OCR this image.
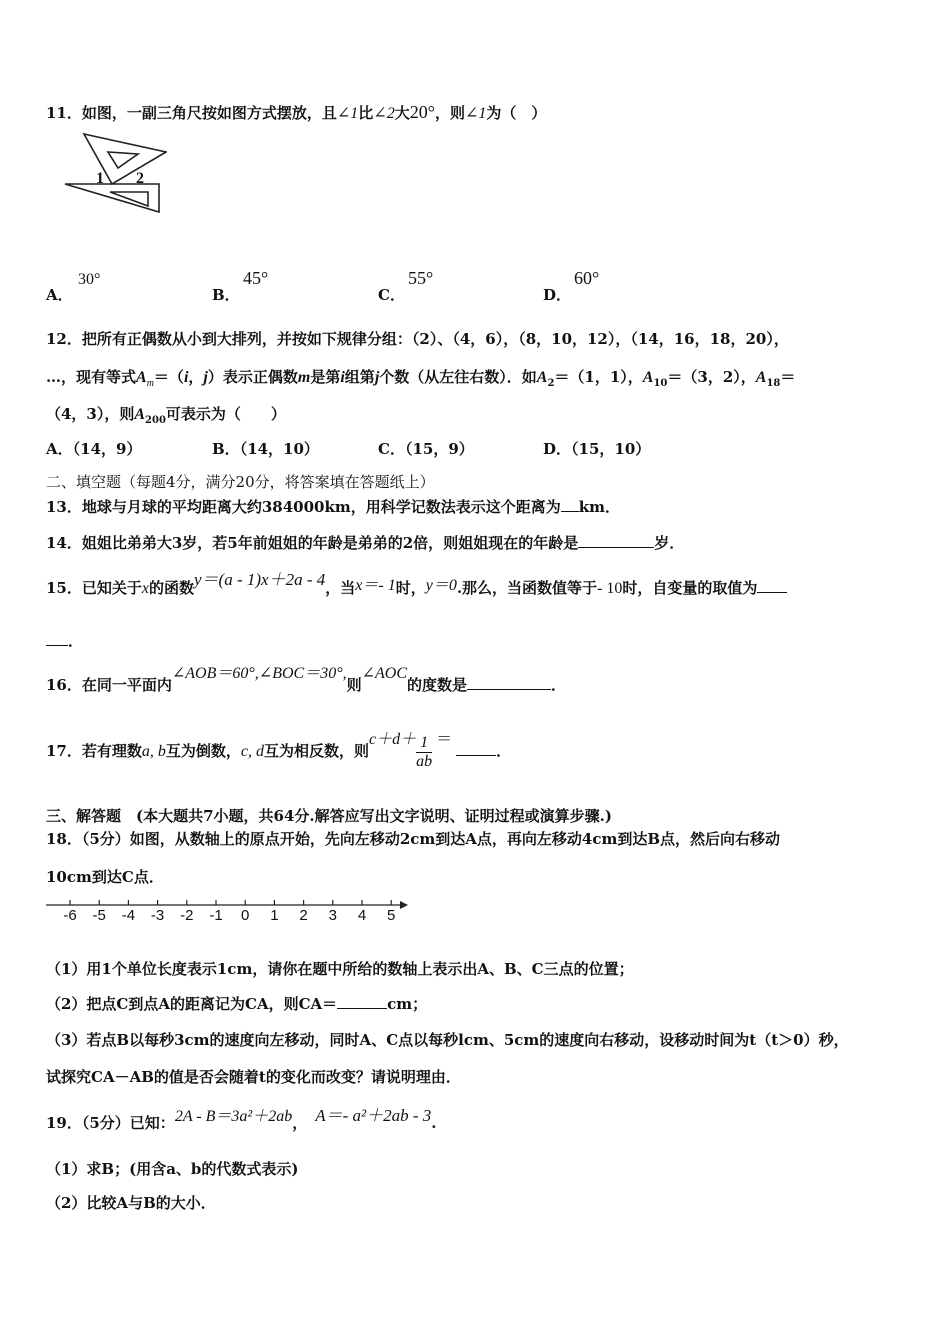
11．如图，一副三角尺按如图方式摆放，且∠1比∠2大20°，则∠1为（　）
1 2
A．
30°
B．
45°
C．
55°
D．
60°
12．把所有正偶数从小到大排列，并按如下规律分组：（2）、（4，6），（8，10，12），（14，16，18，20），
…，现有等式$A_m=(i$，j）表示正偶数m是第i组第j个数（从左往右数）．如$A_2=(1$，1），$A_{10}=(3$，2），$A_{18}=$
（4，3），则$A_{200}$可表示为（　　）
A．（14，9）	B．（14，10）	C．（15，9）	D．（15，10）
二、填空题（每题4分，满分20分，将答案填在答题纸上）
13．地球与月球的平均距离大约384000km，用科学记数法表示这个距离为 km．
14．姐姐比弟弟大3岁，若5年前姐姐的年龄是弟弟的2倍，则姐姐现在的年龄是	岁．
15．已知关于x的函数y＝(a - 1)x＋2a - 4，当x＝- 1时，y＝0.那么，当函数值等于- 10时，自变量的取值为
．
16．在同一平面内∠AOB＝60°,∠BOC＝30°,则∠AOC的度数是	．
17．若有理数a, b互为倒数，c, d互为相反数，则$c+d+ \frac{1}{ab}$ ＝．
三、解答题　(本大题共7小题，共64分.解答应写出文字说明、证明过程或演算步骤.)
18．（5分）如图，从数轴上的原点开始，先向左移动2cm到达A点，再向左移动4cm到达B点，然后向右移动
10cm到达C点．
-6 -5 -4 -3 -2 -1	0	1	2	3	4	5
（1）用1个单位长度表示1cm，请你在题中所给的数轴上表示出A、B、C三点的位置；
（2）把点C到点A的距离记为CA，则CA＝	cm；
（3）若点B以每秒3cm的速度向左移动，同时A、C点以每秒lcm、5cm的速度向右移动，设移动时间为t（t＞0）秒，
试探究CA－AB的值是否会随着t的变化而改变？请说明理由．
19．（5分）已知：2A - B＝3a²＋2ab， A＝- a²＋2ab - 3.
（1）求B；(用含a、b的代数式表示)
（2）比较A与B的大小．
